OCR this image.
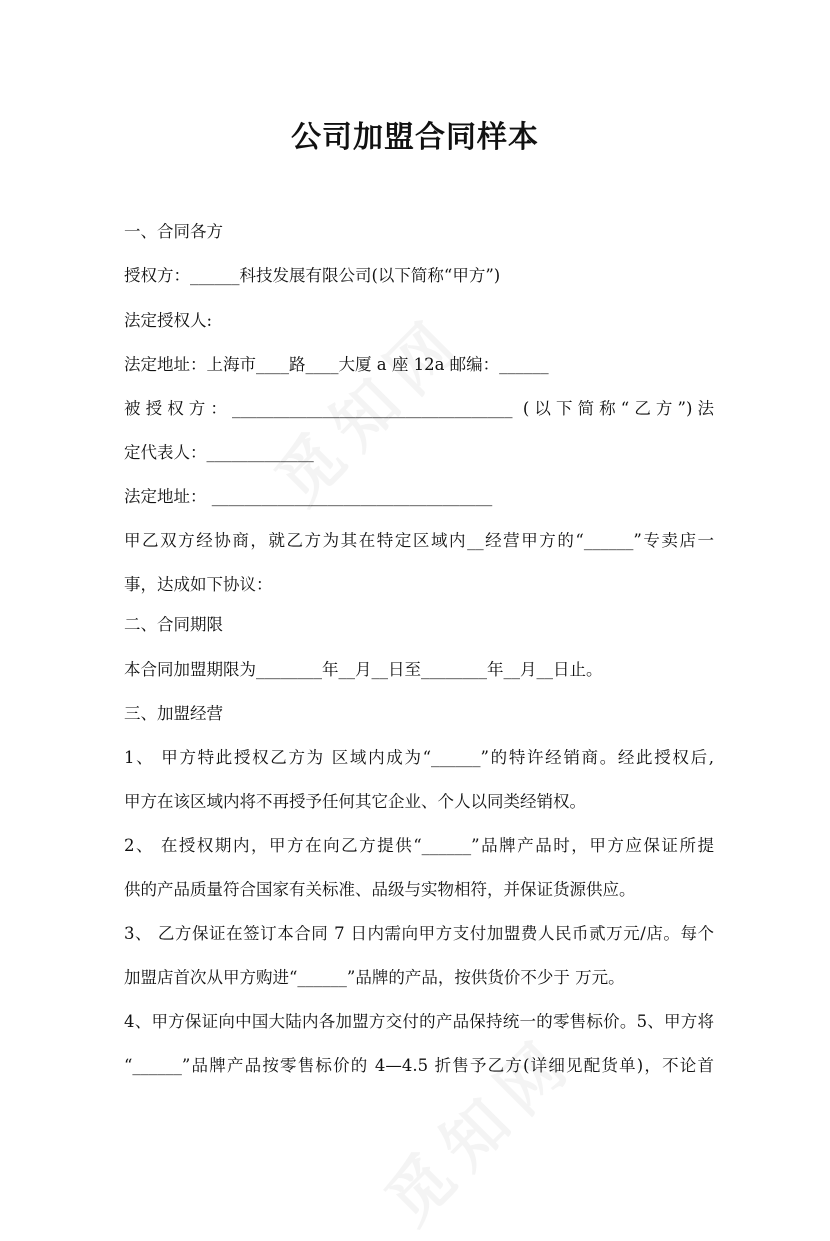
公司加盟合同样本
一、合同各方
授权方：______科技发展有限公司(以下简称“甲方”)
法定授权人:
法定地址：上海市____路____大厦 a 座 12a 邮编：______
被授权方：__________________________________ (以下简称“乙方”)法
定代表人：_____________
法定地址： __________________________________
甲乙双方经协商，就乙方为其在特定区域内__经营甲方的“______”专卖店一
事，达成如下协议：
二、合同期限
本合同加盟期限为________年__月__日至________年__月__日止。
三、加盟经营
1、 甲方特此授权乙方为 区域内成为“______”的特许经销商。经此授权后,
甲方在该区域内将不再授予任何其它企业、个人以同类经销权。
2、 在授权期内，甲方在向乙方提供“______”品牌产品时，甲方应保证所提
供的产品质量符合国家有关标准、品级与实物相符，并保证货源供应。
3、 乙方保证在签订本合同 7 日内需向甲方支付加盟费人民币贰万元/店。每个
加盟店首次从甲方购进“______”品牌的产品，按供货价不少于 万元。
4、甲方保证向中国大陆内各加盟方交付的产品保持统一的零售标价。5、甲方将
“______”品牌产品按零售标价的 4—4.5 折售予乙方(详细见配货单)，不论首
